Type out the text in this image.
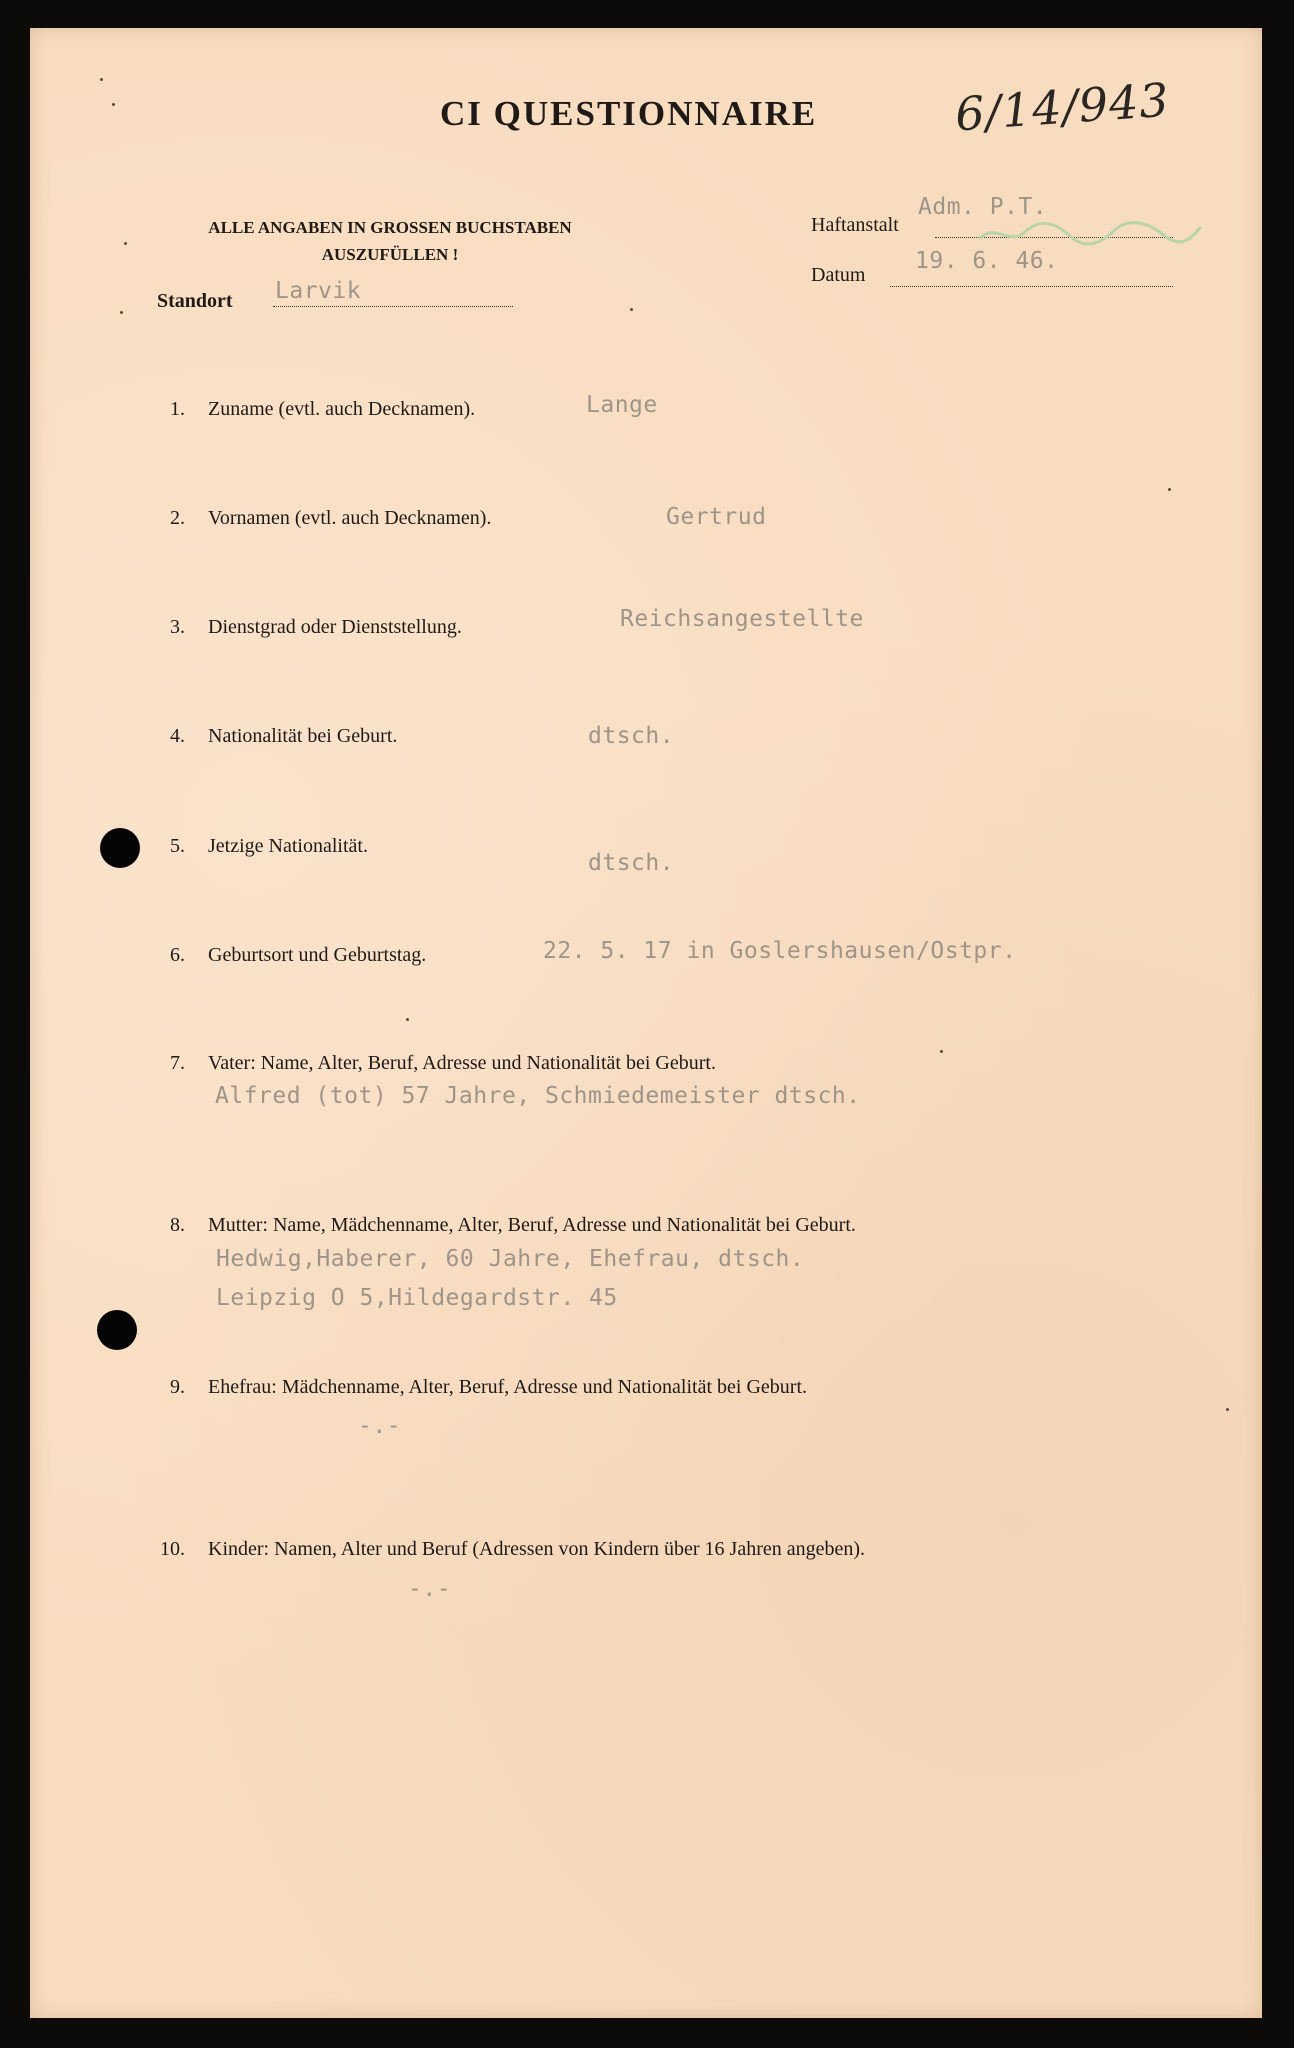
CI QUESTIONNAIRE	6/14/943
ALLE ANGABEN IN GROSSEN BUCHSTABEN
AUSZUFÜLLEN !
Haftanstalt
Adm. P.T.
Datum
19. 6. 46.
Standort Larvik
1. Zuname (evtl. auch Decknamen).	Lange
2. Vornamen (evtl. auch Decknamen).	Gertrud
3. Dienstgrad oder Dienststellung.	Reichsangestellte
4. Nationalität bei Geburt.	dtsch.
5. Jetzige Nationalität.
dtsch.
6. Geburtsort und Geburtstag.	22. 5. 17 in Goslershausen/Ostpr.
7. Vater: Name, Alter, Beruf, Adresse und Nationalität bei Geburt.
Alfred (tot) 57 Jahre, Schmiedemeister dtsch.
8. Mutter: Name, Mädchenname, Alter, Beruf, Adresse und Nationalität bei Geburt.
Hedwig,Haberer, 60 Jahre, Ehefrau, dtsch.
Leipzig O 5,Hildegardstr. 45
9. Ehefrau: Mädchenname, Alter, Beruf, Adresse und Nationalität bei Geburt.
-.-
10. Kinder: Namen, Alter und Beruf (Adressen von Kindern über 16 Jahren angeben).
-.-
